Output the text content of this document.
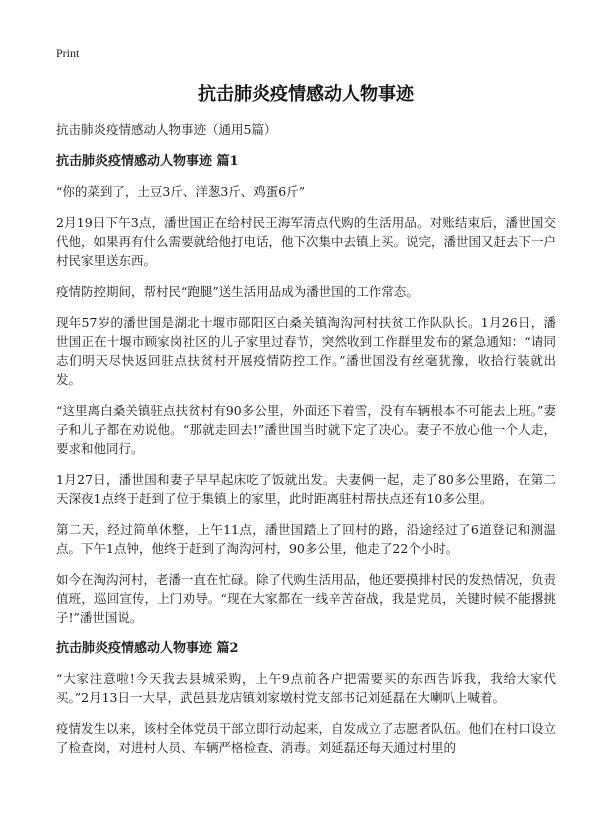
Print
抗击肺炎疫情感动人物事迹

抗击肺炎疫情感动人物事迹（通用5篇）

抗击肺炎疫情感动人物事迹 篇1

“你的菜到了，土豆3斤、洋葱3斤、鸡蛋6斤”

2月19日下午3点，潘世国正在给村民王海军清点代购的生活用品。对账结束后，潘世国交代他，如果再有什么需要就给他打电话，他下次集中去镇上买。说完，潘世国又赶去下一户村民家里送东西。

疫情防控期间，帮村民“跑腿”送生活用品成为潘世国的工作常态。

现年57岁的潘世国是湖北十堰市郧阳区白桑关镇淘沟河村扶贫工作队队长。1月26日，潘世国正在十堰市顾家岗社区的儿子家里过春节，突然收到工作群里发布的紧急通知：“请同志们明天尽快返回驻点扶贫村开展疫情防控工作。”潘世国没有丝毫犹豫，收拾行装就出发。

“这里离白桑关镇驻点扶贫村有90多公里，外面还下着雪，没有车辆根本不可能去上班。”妻子和儿子都在劝说他。“那就走回去!”潘世国当时就下定了决心。妻子不放心他一个人走，要求和他同行。

1月27日，潘世国和妻子早早起床吃了饭就出发。夫妻俩一起，走了80多公里路，在第二天深夜1点终于赶到了位于集镇上的家里，此时距离驻村帮扶点还有10多公里。

第二天，经过简单休整，上午11点，潘世国踏上了回村的路，沿途经过了6道登记和测温点。下午1点钟，他终于赶到了淘沟河村，90多公里，他走了22个小时。

如今在淘沟河村，老潘一直在忙碌。除了代购生活用品，他还要摸排村民的发热情况，负责值班，巡回宣传，上门劝导。“现在大家都在一线辛苦奋战，我是党员，关键时候不能撂挑子!”潘世国说。

抗击肺炎疫情感动人物事迹 篇2

“大家注意啦!今天我去县城采购，上午9点前各户把需要买的东西告诉我，我给大家代买。”2月13日一大早，武邑县龙店镇刘家墩村党支部书记刘延磊在大喇叭上喊着。

疫情发生以来，该村全体党员干部立即行动起来，自发成立了志愿者队伍。他们在村口设立了检查岗，对进村人员、车辆严格检查、消毒。刘延磊还每天通过村里的
